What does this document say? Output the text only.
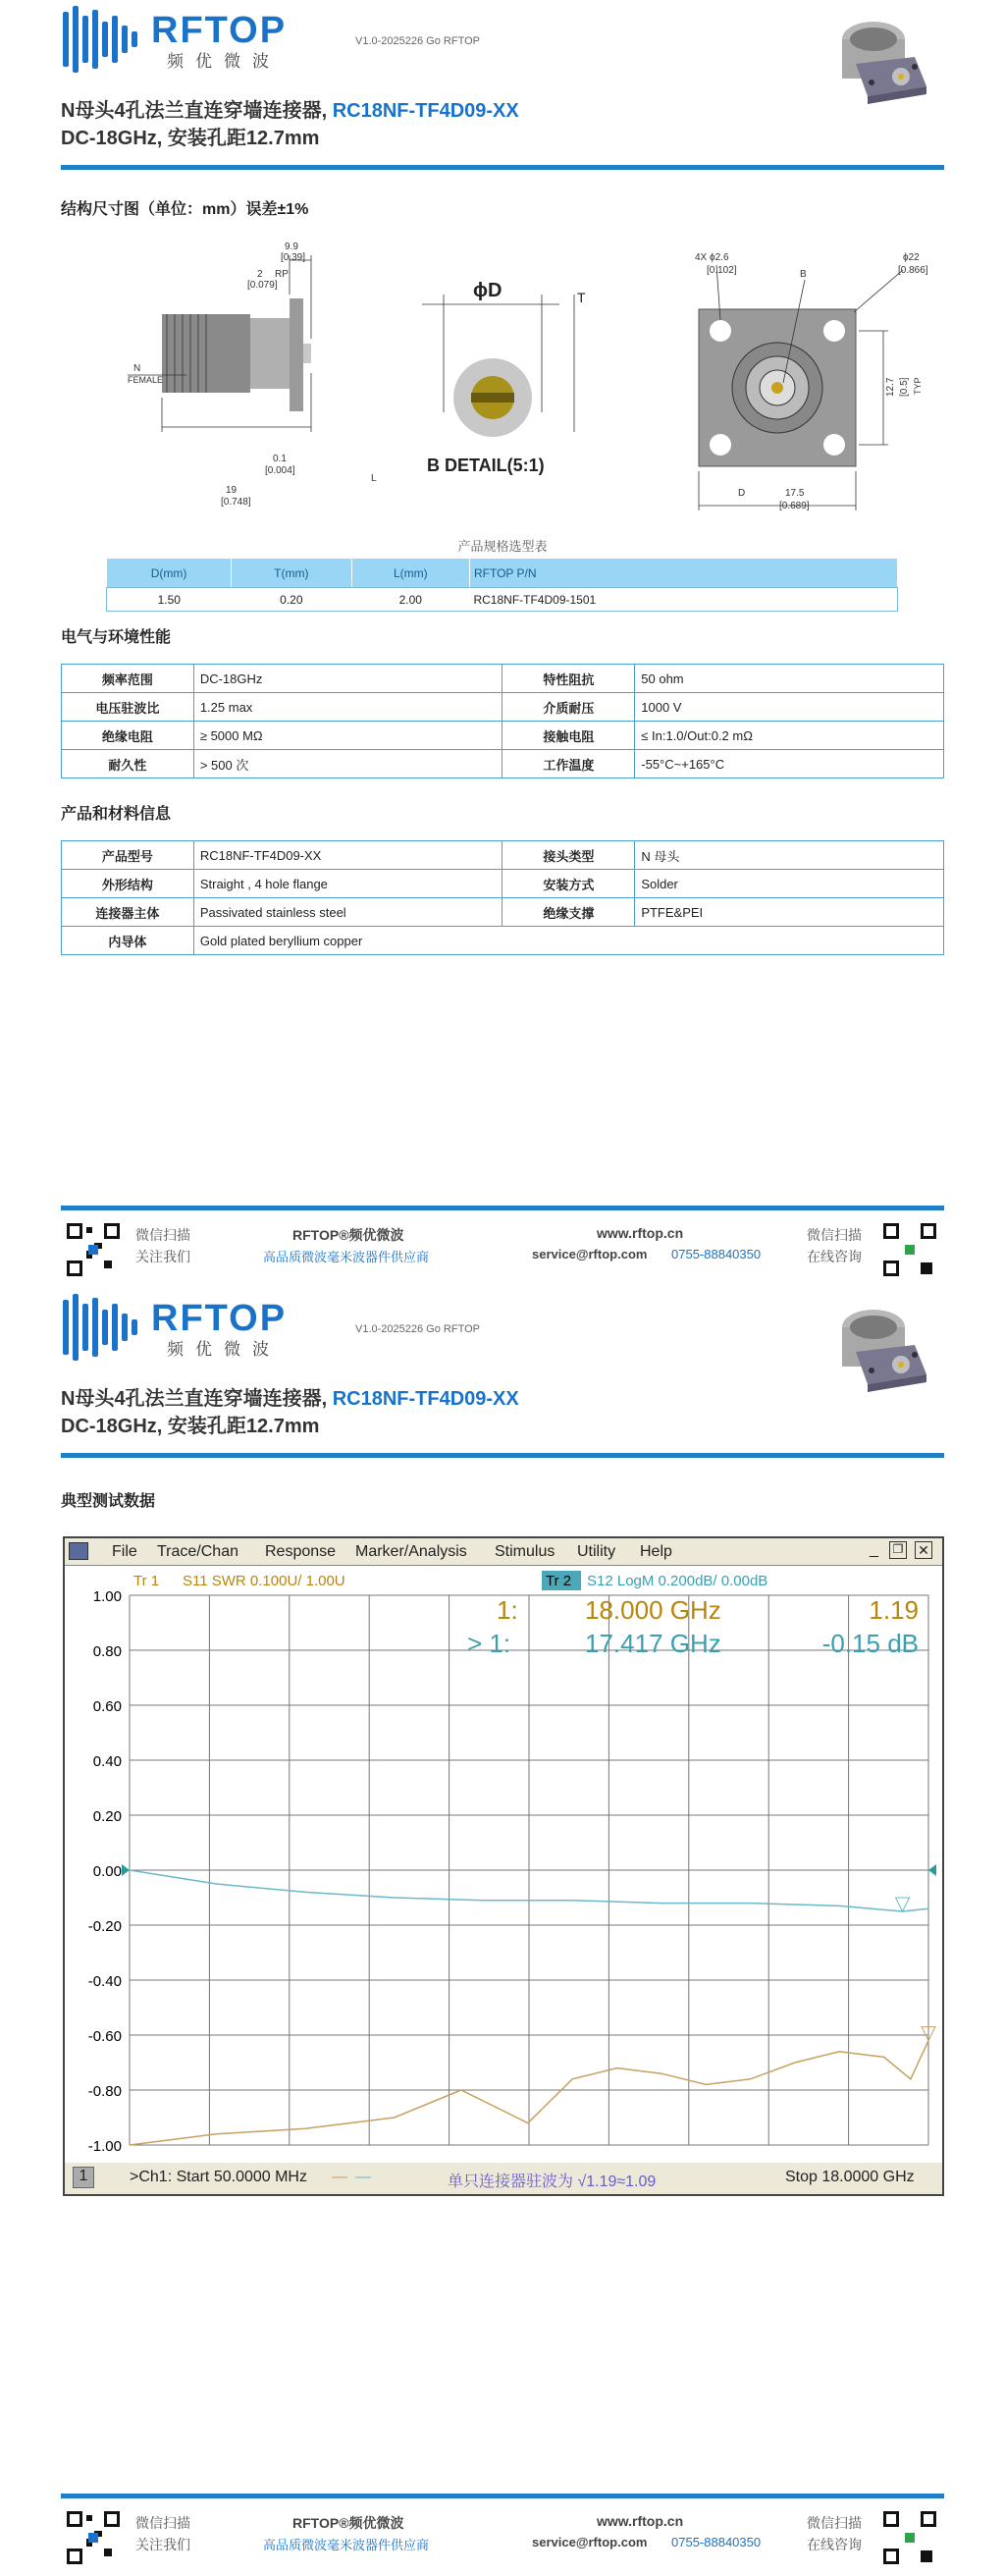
RFTOP
频优微波
V1.0-2025226 Go RFTOP
N母头4孔法兰直连穿墙连接器, RC18NF-TF4D09-XX
DC-18GHz, 安装孔距12.7mm
结构尺寸图（单位：mm）误差±1%
9.9
[0.39]
2
[0.079]
RP
N
FEMALE
0.1
[0.004]
19
[0.748]
L
ϕD	T
B DETAIL(5:1)
4X ϕ2.6
[0.102]	B
ϕ22
[0.866]
12.7 [0.5] TYP
D	17.5
[0.689]
产品规格选型表
D(mm)	T(mm)	L(mm)	RFTOP P/N
1.50	0.20	2.00	RC18NF-TF4D09-1501
电气与环境性能
频率范围	DC-18GHz	特性阻抗	50 ohm
电压驻波比	1.25 max	介质耐压	1000 V
绝缘电阻	≥ 5000 MΩ	接触电阻	≤ In:1.0/Out:0.2 mΩ
耐久性	> 500 次	工作温度	-55°C~+165°C
产品和材料信息
产品型号	RC18NF-TF4D09-XX	接头类型	N 母头
外形结构	Straight , 4 hole flange	安装方式	Solder
连接器主体	Passivated stainless steel	绝缘支撑	PTFE&PEI
内导体	Gold plated beryllium copper		
微信扫描
关注我们
RFTOP®频优微波
高品质微波毫米波器件供应商
www.rftop.cn
service@rftop.com 0755-88840350
微信扫描
在线咨询
RFTOP
频优微波
V1.0-2025226 Go RFTOP
N母头4孔法兰直连穿墙连接器, RC18NF-TF4D09-XX
DC-18GHz, 安装孔距12.7mm
典型测试数据
微信扫描
关注我们
RFTOP®频优微波
高品质微波毫米波器件供应商
www.rftop.cn
service@rftop.com 0755-88840350
微信扫描
在线咨询
File Trace/Chan Response Marker/Analysis Stimulus Utility Help	_	❐ ✕
Tr 1 S11 SWR 0.100U/ 1.00U	Tr 2 S12 LogM 0.200dB/ 0.00dB
1.00
0.80
0.60
0.40
0.20
0.00
-0.20
-0.40
-0.60
-0.80
-1.00
1:	18.000 GHz	1.19
> 1:	17.417 GHz	-0.15 dB
1	>Ch1: Start 50.0000 MHz — —	单只连接器驻波为 √1.19≈1.09	Stop 18.0000 GHz
